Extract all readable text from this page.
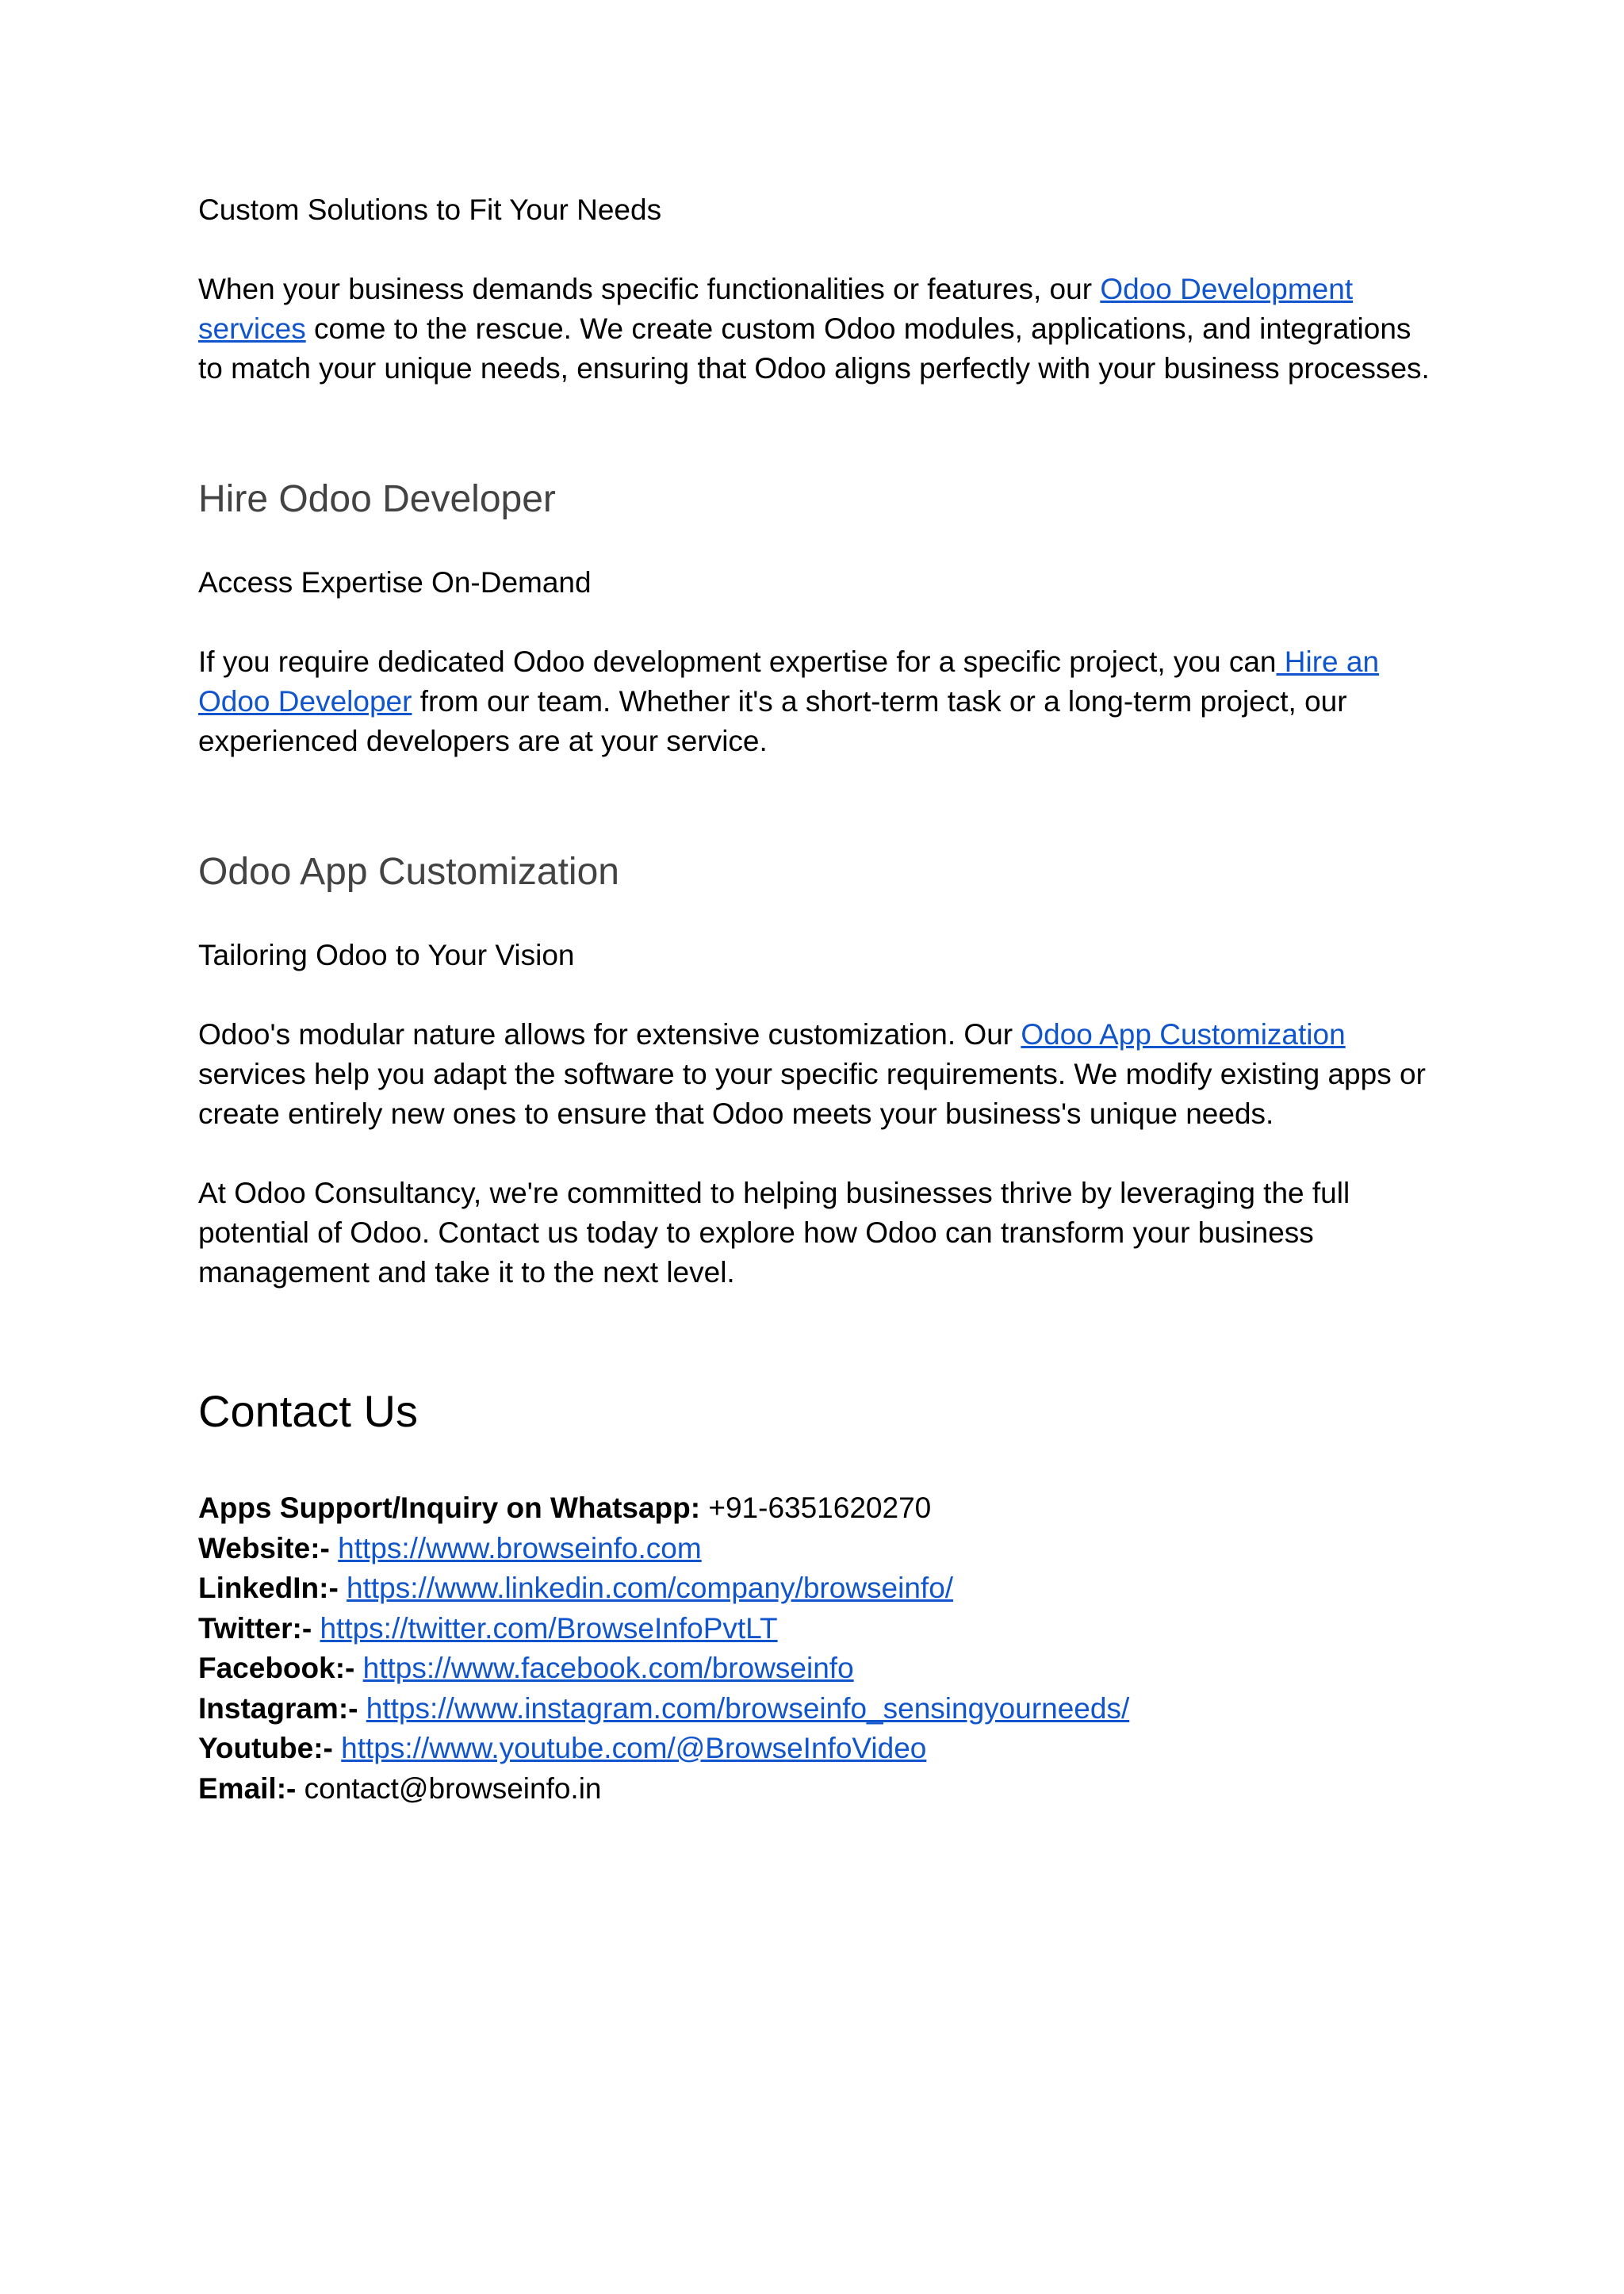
Custom Solutions to Fit Your Needs

When your business demands specific functionalities or features, our Odoo Development services come to the rescue. We create custom Odoo modules, applications, and integrations to match your unique needs, ensuring that Odoo aligns perfectly with your business processes.

Hire Odoo Developer

Access Expertise On-Demand

If you require dedicated Odoo development expertise for a specific project, you can Hire an Odoo Developer from our team. Whether it's a short-term task or a long-term project, our experienced developers are at your service.

Odoo App Customization

Tailoring Odoo to Your Vision

Odoo's modular nature allows for extensive customization. Our Odoo App Customization services help you adapt the software to your specific requirements. We modify existing apps or create entirely new ones to ensure that Odoo meets your business's unique needs.

At Odoo Consultancy, we're committed to helping businesses thrive by leveraging the full potential of Odoo. Contact us today to explore how Odoo can transform your business management and take it to the next level.

Contact Us

Apps Support/Inquiry on Whatsapp: +91-6351620270

Website:- https://www.browseinfo.com

LinkedIn:- https://www.linkedin.com/company/browseinfo/

Twitter:- https://twitter.com/BrowseInfoPvtLT

Facebook:- https://www.facebook.com/browseinfo

Instagram:- https://www.instagram.com/browseinfo_sensingyourneeds/

Youtube:- https://www.youtube.com/@BrowseInfoVideo

Email:- contact@browseinfo.in
